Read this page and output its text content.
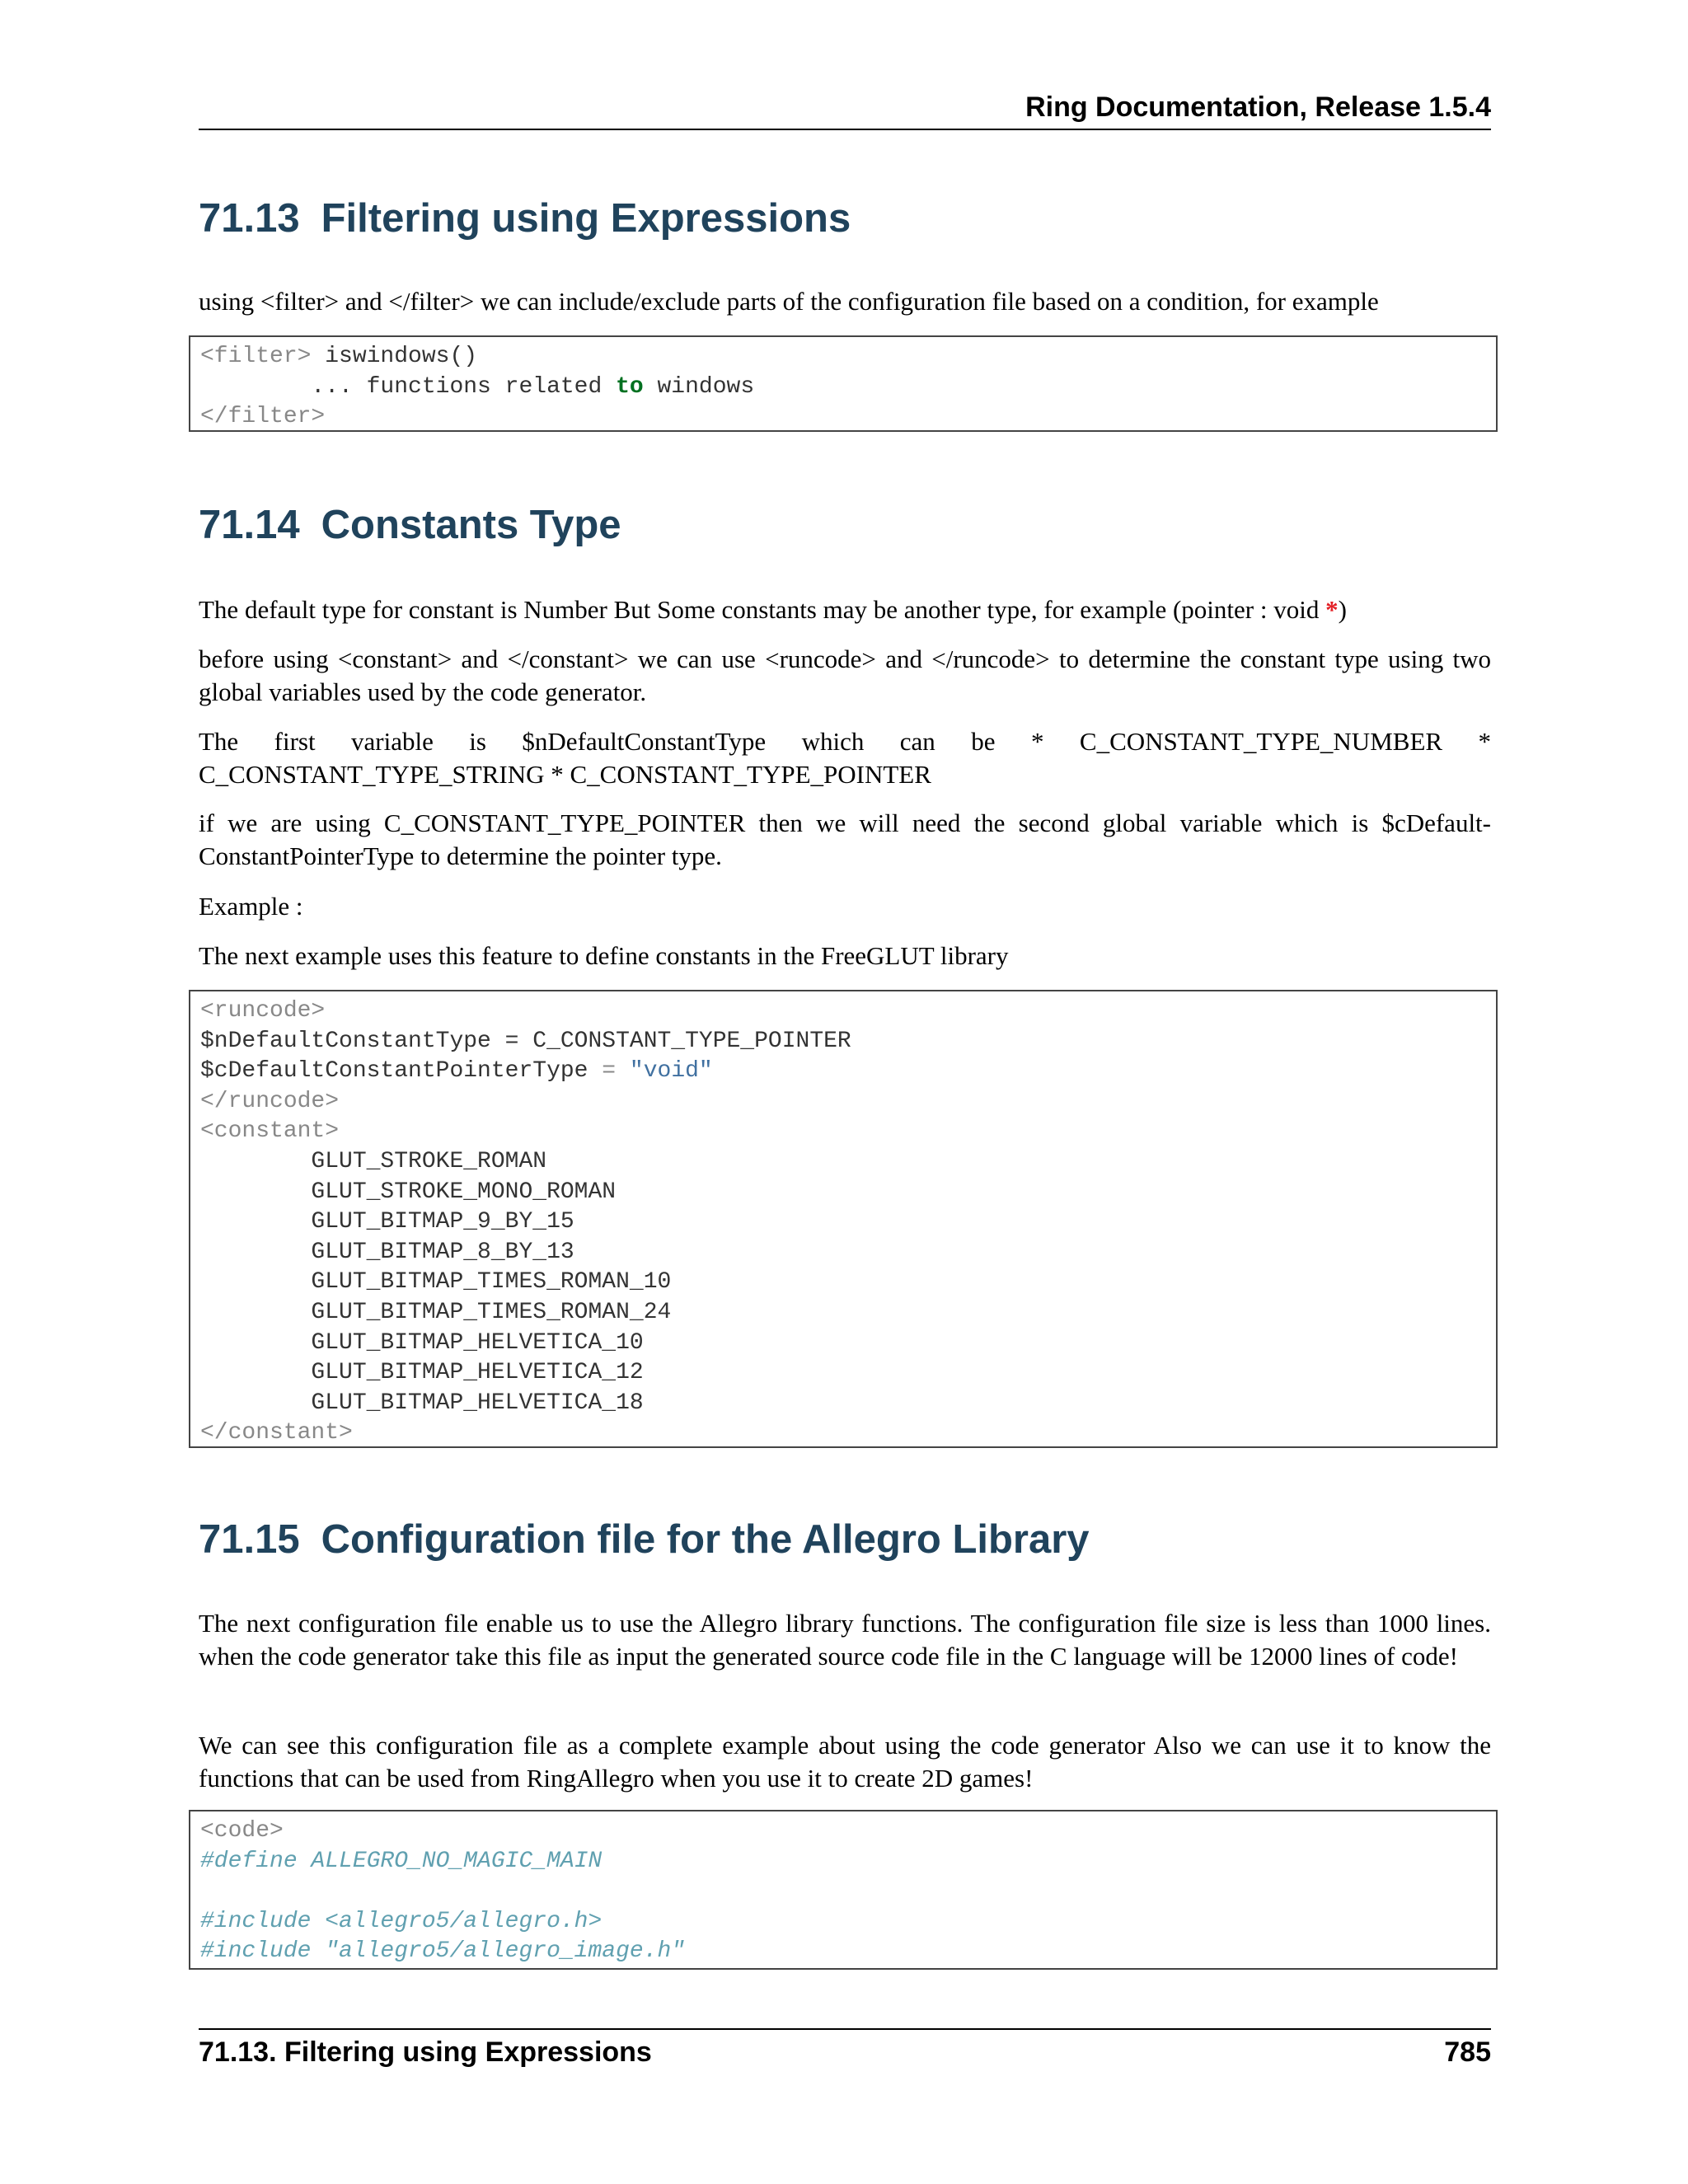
Ring Documentation, Release 1.5.4
71.13 Filtering using Expressions

using <filter> and </filter> we can include/exclude parts of the configuration file based on a condition, for example

<filter> iswindows()
... functions related to windows
</filter>
71.14 Constants Type

The default type for constant is Number But Some constants may be another type, for example (pointer : void *)

before using <constant> and </constant> we can use <runcode> and </runcode> to determine the constant type using two global variables used by the code generator.

The first variable is $nDefaultConstantType which can be * C_CONSTANT_TYPE_NUMBER * C_CONSTANT_TYPE_STRING * C_CONSTANT_TYPE_POINTER

if we are using C_CONSTANT_TYPE_POINTER then we will need the second global variable which is $cDefault-ConstantPointerType to determine the pointer type.

Example :

The next example uses this feature to define constants in the FreeGLUT library

<runcode>
$nDefaultConstantType = C_CONSTANT_TYPE_POINTER
$cDefaultConstantPointerType = "void"
</runcode>
<constant>
GLUT_STROKE_ROMAN
GLUT_STROKE_MONO_ROMAN
GLUT_BITMAP_9_BY_15
GLUT_BITMAP_8_BY_13
GLUT_BITMAP_TIMES_ROMAN_10
GLUT_BITMAP_TIMES_ROMAN_24
GLUT_BITMAP_HELVETICA_10
GLUT_BITMAP_HELVETICA_12
GLUT_BITMAP_HELVETICA_18
</constant>
71.15 Configuration file for the Allegro Library

The next configuration file enable us to use the Allegro library functions. The configuration file size is less than 1000 lines. when the code generator take this file as input the generated source code file in the C language will be 12000 lines of code!

We can see this configuration file as a complete example about using the code generator Also we can use it to know the functions that can be used from RingAllegro when you use it to create 2D games!

<code>
#define ALLEGRO_NO_MAGIC_MAIN
#include <allegro5/allegro.h>
#include "allegro5/allegro_image.h"
71.13. Filtering using Expressions	785
